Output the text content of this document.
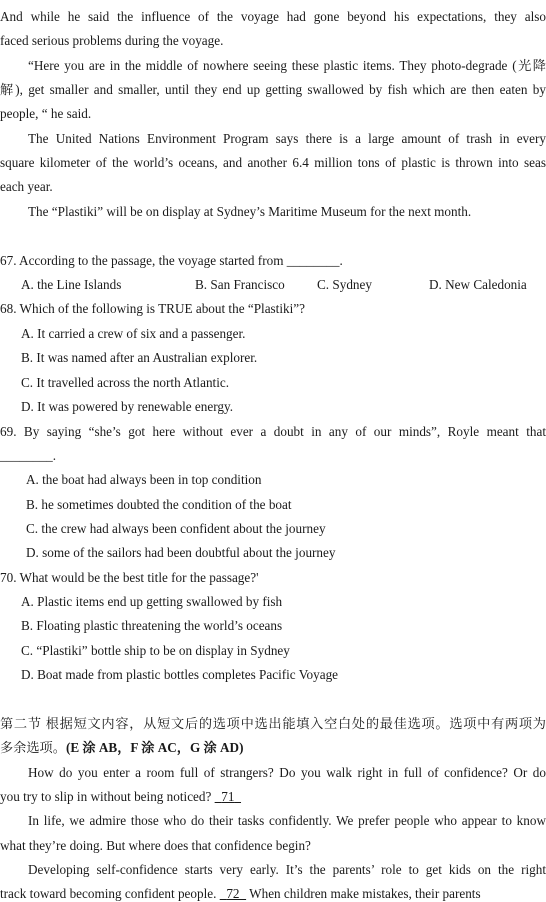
And while he said the influence of the voyage had gone beyond his expectations, they also
faced serious problems during the voyage.
“Here you are in the middle of nowhere seeing these plastic items. They photo-degrade (光降
解), get smaller and smaller, until they end up getting swallowed by fish which are then eaten by
people, “ he said.
The United Nations Environment Program says there is a large amount of trash in every
square kilometer of the world’s oceans, and another 6.4 million tons of plastic is thrown into seas
each year.
The “Plastiki” will be on display at Sydney’s Maritime Museum for the next month.
67. According to the passage, the voyage started from ________.
A. the Line Islands	B. San Francisco	C. Sydney	D. New Caledonia
68. Which of the following is TRUE about the “Plastiki”?
A. It carried a crew of six and a passenger.
B. It was named after an Australian explorer.
C. It travelled across the north Atlantic.
D. It was powered by renewable energy.
69. By saying “she’s got here without ever a doubt in any of our minds”, Royle meant that
________.
A. the boat had always been in top condition
B. he sometimes doubted the condition of the boat
C. the crew had always been confident about the journey
D. some of the sailors had been doubtful about the journey
70. What would be the best title for the passage?'
A. Plastic items end up getting swallowed by fish
B. Floating plastic threatening the world’s oceans
C. “Plastiki” bottle ship to be on display in Sydney
D. Boat made from plastic bottles completes Pacific Voyage
第二节 根据短文内容，从短文后的选项中选出能填入空白处的最佳选项。选项中有两项为
多余选项。(E 涂 AB，F 涂 AC，G 涂 AD)
How do you enter a room full of strangers? Do you walk right in full of confidence? Or do
you try to slip in without being noticed?   71
In life, we admire those who do their tasks confidently. We prefer people who appear to know
what they’re doing. But where does that confidence begin?
Developing self-confidence starts very early. It’s the parents’ role to get kids on the right
track toward becoming confident people.   72   When children make mistakes, their parents
